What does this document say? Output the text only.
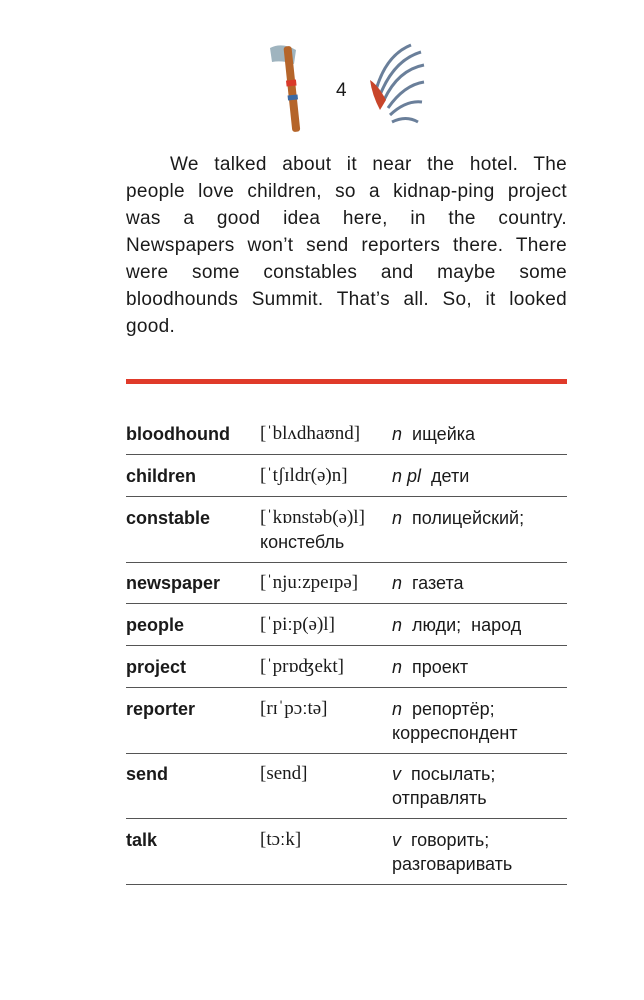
4
We talked about it near the hotel. The people love children, so a kidnap-ping project was a good idea here, in the country. Newspapers won’t send reporters there. There were some constables and maybe some bloodhounds Summit. That’s all. So, it looked good.
bloodhound [ˈblʌdhaʊnd] n ищейка
children	[ˈtʃɪldr(ə)n] n pl дети
constable	[ˈkɒnstəb(ə)l] n полицейский;
констебль
newspaper [ˈnjuːzpeɪpə] n газета
people	[ˈpiːp(ə)l]	n люди;  народ
project	[ˈprɒʤekt]	n проект
reporter	[rɪˈpɔːtə]	n репортёр;
корреспондент
send	[send]	v посылать;
отправлять
talk	[tɔːk]	v говорить;
разговаривать
